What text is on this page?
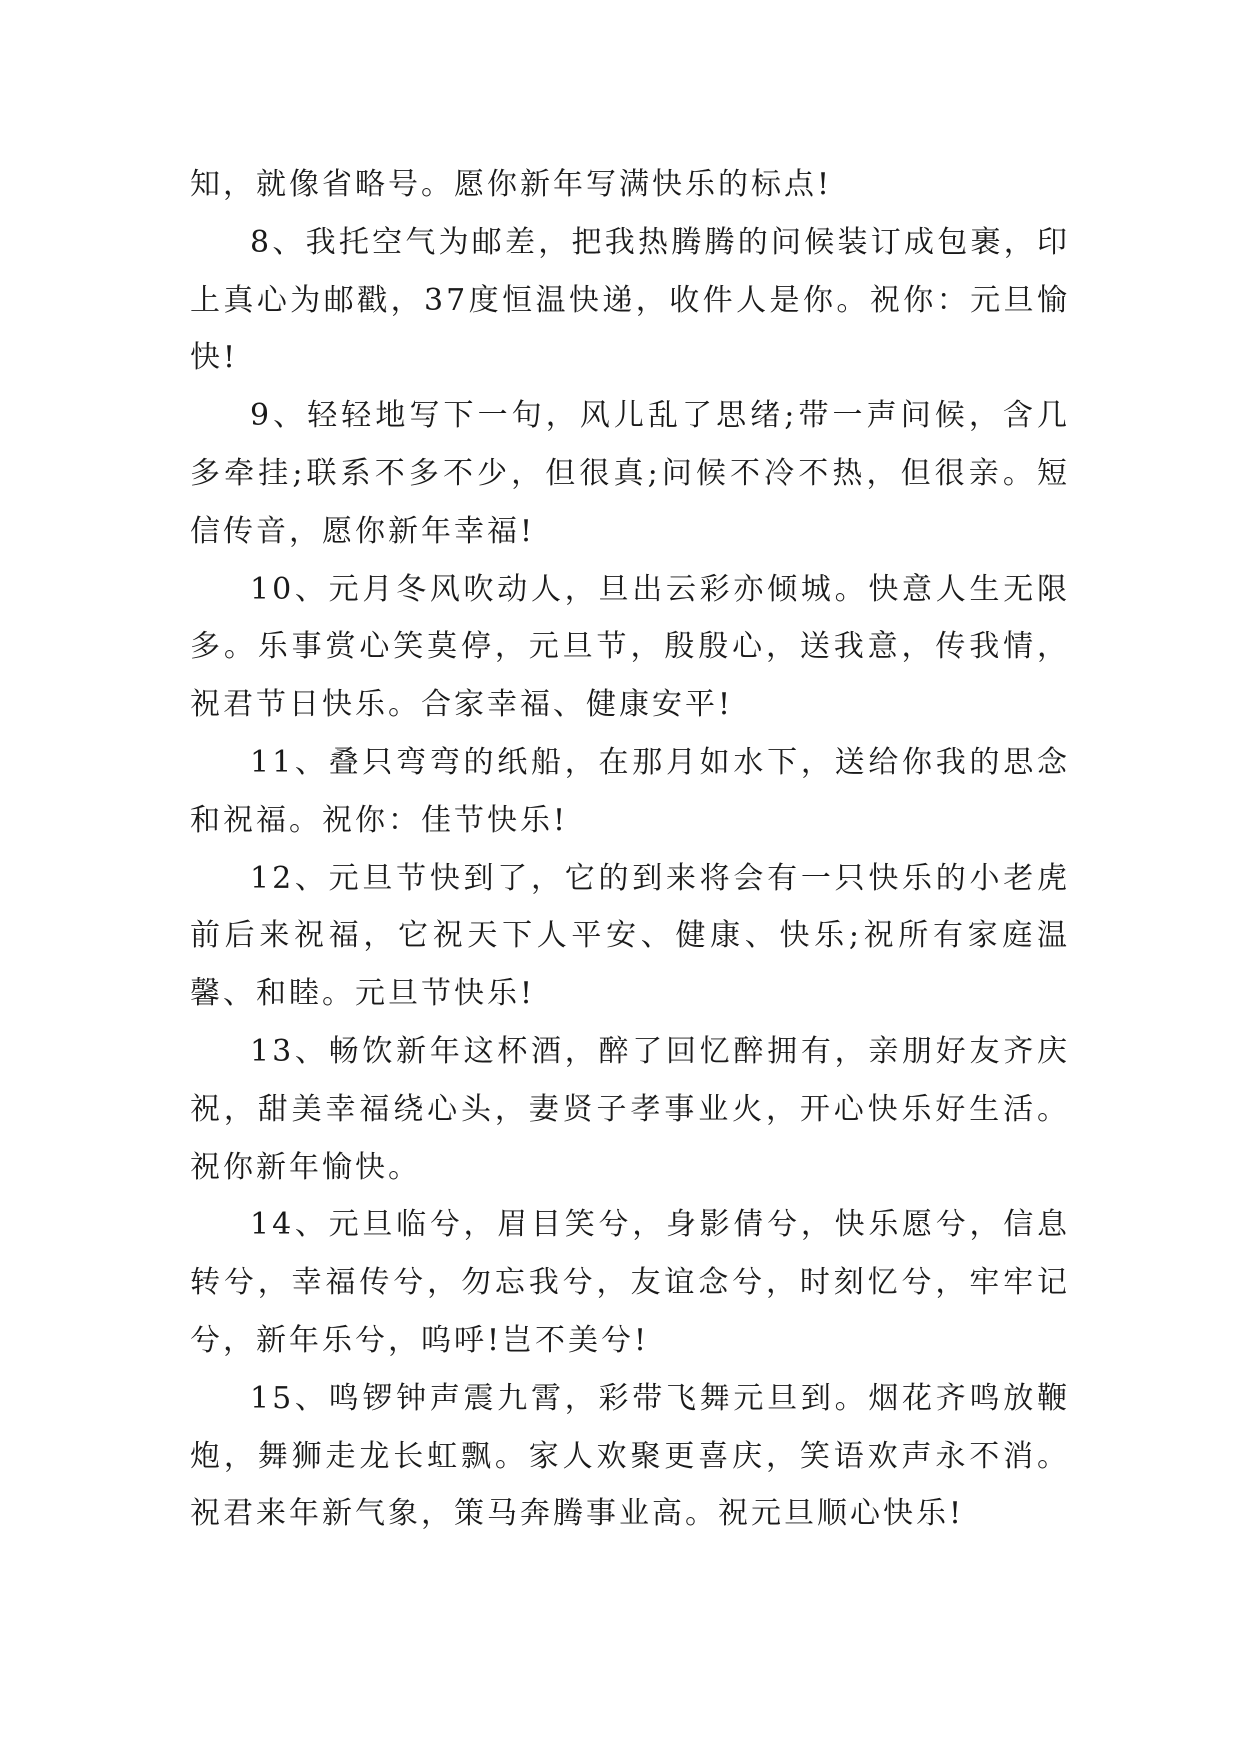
知，就像省略号。愿你新年写满快乐的标点!

8、我托空气为邮差，把我热腾腾的问候装订成包裹，印上真心为邮戳，37度恒温快递，收件人是你。祝你：元旦愉快!

9、轻轻地写下一句，风儿乱了思绪;带一声问候，含几多牵挂;联系不多不少，但很真;问候不冷不热，但很亲。短信传音，愿你新年幸福!

10、元月冬风吹动人，旦出云彩亦倾城。快意人生无限多。乐事赏心笑莫停，元旦节，殷殷心，送我意，传我情，祝君节日快乐。合家幸福、健康安平!

11、叠只弯弯的纸船，在那月如水下，送给你我的思念和祝福。祝你：佳节快乐!

12、元旦节快到了，它的到来将会有一只快乐的小老虎前后来祝福，它祝天下人平安、健康、快乐;祝所有家庭温馨、和睦。元旦节快乐!

13、畅饮新年这杯酒，醉了回忆醉拥有，亲朋好友齐庆祝，甜美幸福绕心头，妻贤子孝事业火，开心快乐好生活。祝你新年愉快。

14、元旦临兮，眉目笑兮，身影倩兮，快乐愿兮，信息转兮，幸福传兮，勿忘我兮，友谊念兮，时刻忆兮，牢牢记兮，新年乐兮，呜呼!岂不美兮!

15、鸣锣钟声震九霄，彩带飞舞元旦到。烟花齐鸣放鞭炮，舞狮走龙长虹飘。家人欢聚更喜庆，笑语欢声永不消。祝君来年新气象，策马奔腾事业高。祝元旦顺心快乐!
